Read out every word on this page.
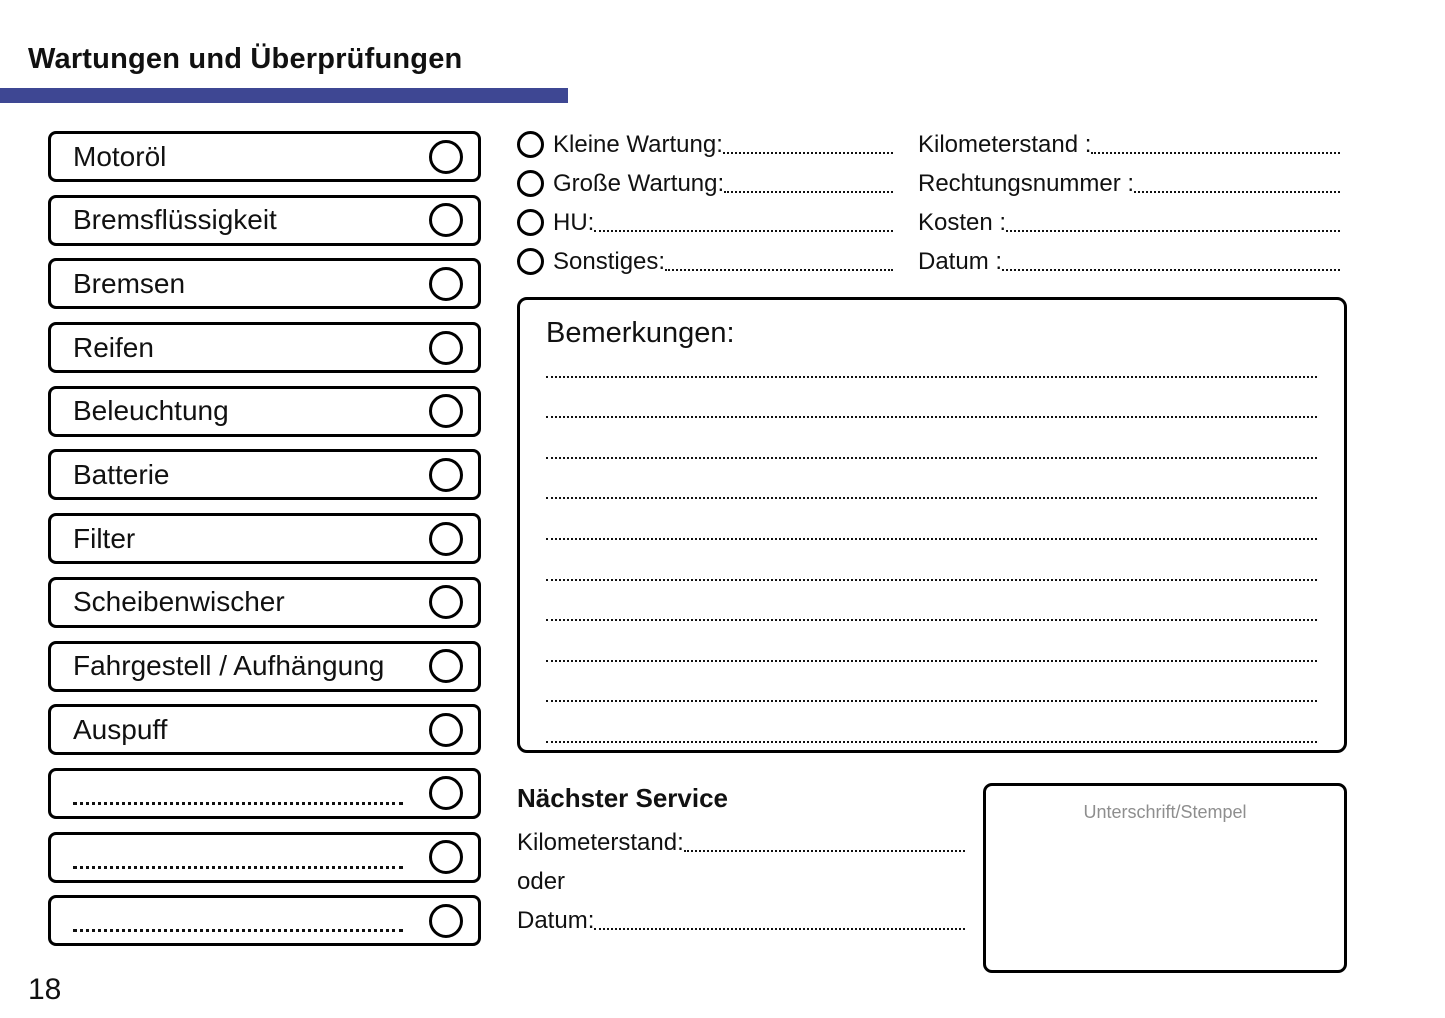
Wartungen und Überprüfungen
Motoröl
Bremsflüssigkeit
Bremsen
Reifen
Beleuchtung
Batterie
Filter
Scheibenwischer
Fahrgestell / Aufhängung
Auspuff
Kleine Wartung:
Große Wartung:
HU:
Sonstiges:
Kilometerstand :
Rechtungsnummer :
Kosten :
Datum :
Bemerkungen:
Nächster Service
Kilometerstand:
oder
Datum:
Unterschrift/Stempel
18
